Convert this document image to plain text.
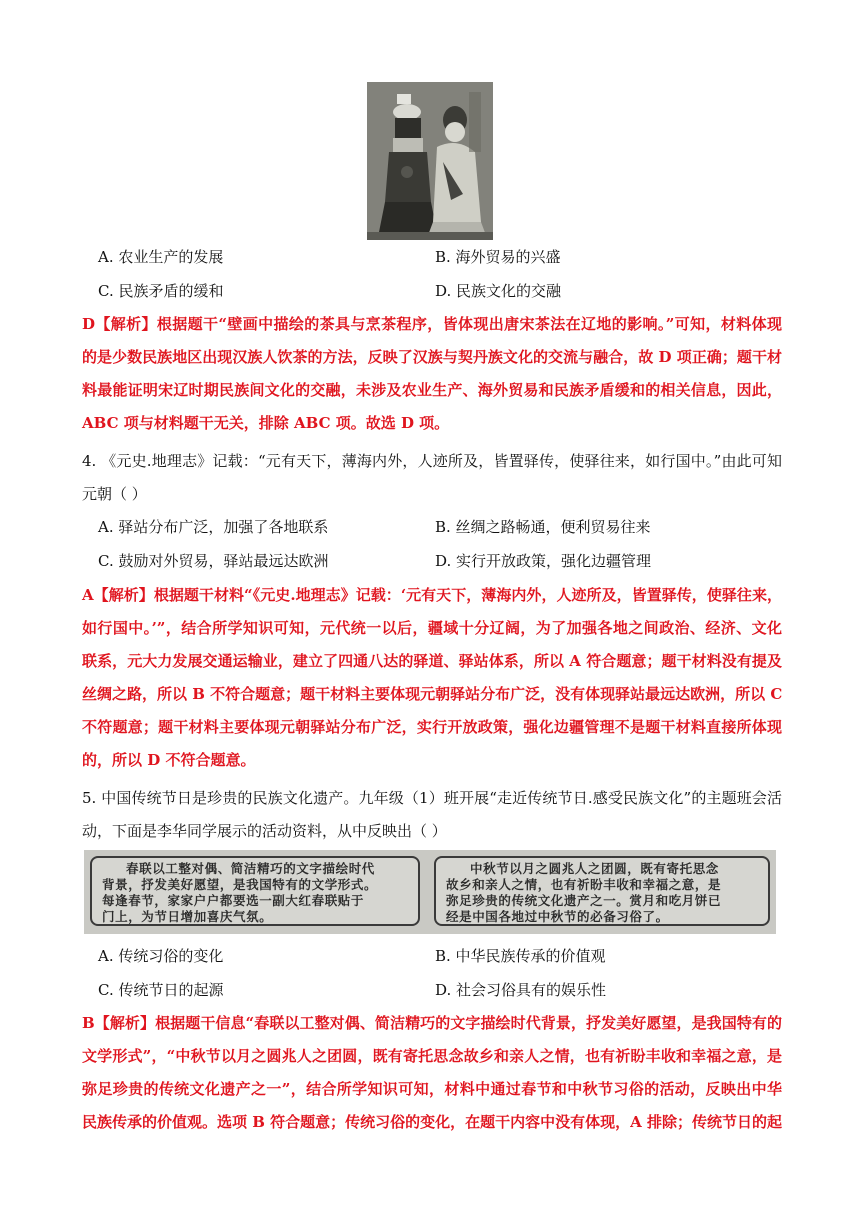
A. 农业生产的发展	B. 海外贸易的兴盛
C. 民族矛盾的缓和	D. 民族文化的交融
D【解析】根据题干“壁画中描绘的茶具与烹茶程序，皆体现出唐宋茶法在辽地的影响。”可知，材料体现
的是少数民族地区出现汉族人饮茶的方法，反映了汉族与契丹族文化的交流与融合，故 D 项正确；题干材
料最能证明宋辽时期民族间文化的交融，未涉及农业生产、海外贸易和民族矛盾缓和的相关信息，因此，
ABC 项与材料题干无关，排除 ABC 项。故选 D 项。
4. 《元史.地理志》记载：“元有天下，薄海内外，人迹所及，皆置驿传，使驿往来，如行国中。”由此可知
元朝（ ）
A. 驿站分布广泛，加强了各地联系	B. 丝绸之路畅通，便利贸易往来
C. 鼓励对外贸易，驿站最远达欧洲	D. 实行开放政策，强化边疆管理
A【解析】根据题干材料“《元史.地理志》记载：‘元有天下，薄海内外，人迹所及，皆置驿传，使驿往来，
如行国中。’”，结合所学知识可知，元代统一以后，疆域十分辽阔，为了加强各地之间政治、经济、文化
联系，元大力发展交通运输业，建立了四通八达的驿道、驿站体系，所以 A 符合题意；题干材料没有提及
丝绸之路，所以 B 不符合题意；题干材料主要体现元朝驿站分布广泛，没有体现驿站最远达欧洲，所以 C
不符题意；题干材料主要体现元朝驿站分布广泛，实行开放政策，强化边疆管理不是题干材料直接所体现
的，所以 D 不符合题意。
5. 中国传统节日是珍贵的民族文化遗产。九年级（1）班开展“走近传统节日.感受民族文化”的主题班会活
动，下面是李华同学展示的活动资料，从中反映出（ ）
春联以工整对偶、简洁精巧的文字描绘时代
背景，抒发美好愿望，是我国特有的文学形式。
每逢春节，家家户户都要选一副大红春联贴于
门上，为节日增加喜庆气氛。
中秋节以月之圆兆人之团圆，既有寄托思念
故乡和亲人之情，也有祈盼丰收和幸福之意，是
弥足珍贵的传统文化遗产之一。赏月和吃月饼已
经是中国各地过中秋节的必备习俗了。
A. 传统习俗的变化	B. 中华民族传承的价值观
C. 传统节日的起源	D. 社会习俗具有的娱乐性
B【解析】根据题干信息“春联以工整对偶、简洁精巧的文字描绘时代背景，抒发美好愿望，是我国特有的
文学形式”，“中秋节以月之圆兆人之团圆，既有寄托思念故乡和亲人之情，也有祈盼丰收和幸福之意，是
弥足珍贵的传统文化遗产之一”，结合所学知识可知，材料中通过春节和中秋节习俗的活动，反映出中华
民族传承的价值观。选项 B 符合题意；传统习俗的变化，在题干内容中没有体现，A 排除；传统节日的起
